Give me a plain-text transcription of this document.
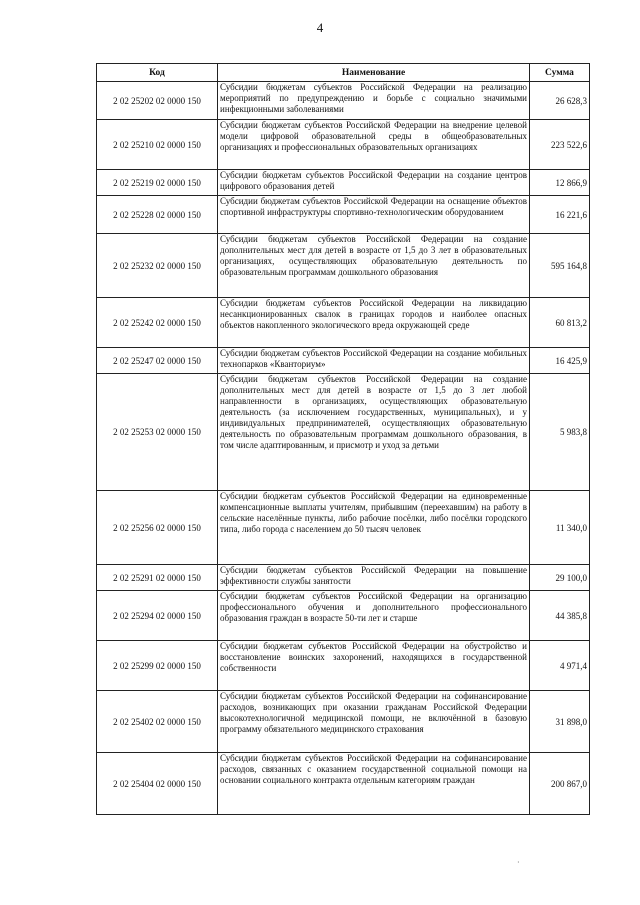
4
Код	Наименование	Сумма
2 02 25202 02 0000 150	Субсидии бюджетам субъектов Российской Федерации на реализацию мероприятий по предупреждению и борьбе с социально значимыми инфекционными заболеваниями	26 628,3
2 02 25210 02 0000 150	Субсидии бюджетам субъектов Российской Федерации на внедрение целевой модели цифровой образовательной среды в общеобразовательных организациях и профессиональных образовательных организациях	223 522,6
2 02 25219 02 0000 150	Субсидии бюджетам субъектов Российской Федерации на создание центров цифрового образования детей	12 866,9
2 02 25228 02 0000 150	Субсидии бюджетам субъектов Российской Федерации на оснащение объектов спортивной инфраструктуры спортивно-технологическим оборудованием	16 221,6
2 02 25232 02 0000 150	Субсидии бюджетам субъектов Российской Федерации на создание дополнительных мест для детей в возрасте от 1,5 до 3 лет в образовательных организациях, осуществляющих образовательную деятельность по образовательным программам дошкольного образования	595 164,8
2 02 25242 02 0000 150	Субсидии бюджетам субъектов Российской Федерации на ликвидацию несанкционированных свалок в границах городов и наиболее опасных объектов накопленного экологического вреда окружающей среде	60 813,2
2 02 25247 02 0000 150	Субсидии бюджетам субъектов Российской Федерации на создание мобильных технопарков «Кванториум»	16 425,9
2 02 25253 02 0000 150	Субсидии бюджетам субъектов Российской Федерации на создание дополнительных мест для детей в возрасте от 1,5 до 3 лет любой направленности в организациях, осуществляющих образовательную деятельность (за исключением государственных, муниципальных), и у индивидуальных предпринимателей, осуществляющих образовательную деятельность по образовательным программам дошкольного образования, в том числе адаптированным, и присмотр и уход за детьми	5 983,8
2 02 25256 02 0000 150	Субсидии бюджетам субъектов Российской Федерации на единовременные компенсационные выплаты учителям, прибывшим (переехавшим) на работу в сельские населённые пункты, либо рабочие посёлки, либо посёлки городского типа, либо города с населением до 50 тысяч человек	11 340,0
2 02 25291 02 0000 150	Субсидии бюджетам субъектов Российской Федерации на повышение эффективности службы занятости	29 100,0
2 02 25294 02 0000 150	Субсидии бюджетам субъектов Российской Федерации на организацию профессионального обучения и дополнительного профессионального образования граждан в возрасте 50-ти лет и старше	44 385,8
2 02 25299 02 0000 150	Субсидии бюджетам субъектов Российской Федерации на обустройство и восстановление воинских захоронений, находящихся в государственной собственности	4 971,4
2 02 25402 02 0000 150	Субсидии бюджетам субъектов Российской Федерации на софинансирование расходов, возникающих при оказании гражданам Российской Федерации высокотехнологичной медицинской помощи, не включённой в базовую программу обязательного медицинского страхования	31 898,0
2 02 25404 02 0000 150	Субсидии бюджетам субъектов Российской Федерации на софинансирование расходов, связанных с оказанием государственной социальной помощи на основании социального контракта отдельным категориям граждан	200 867,0
·
